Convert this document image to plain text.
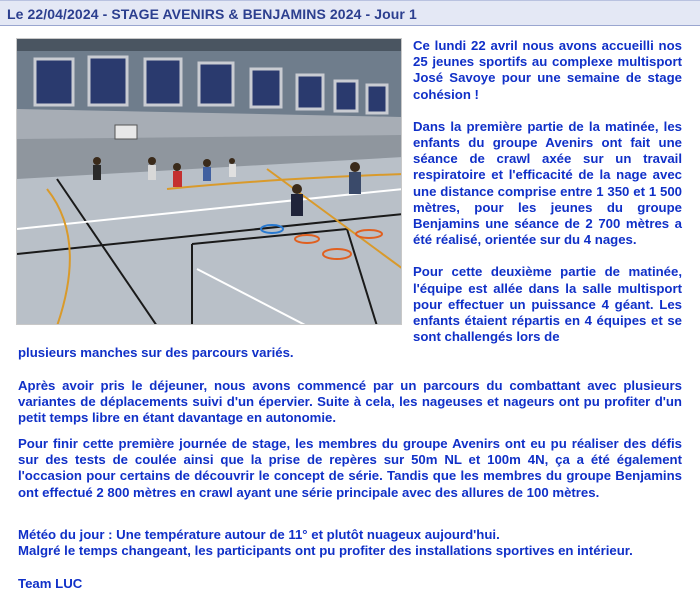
Le 22/04/2024 - STAGE AVENIRS & BENJAMINS 2024 - Jour 1

Ce lundi 22 avril nous avons accueilli nos 25 jeunes sportifs au complexe multisport José Savoye pour une semaine de stage cohésion !

Dans la première partie de la matinée, les enfants du groupe Avenirs ont fait une séance de crawl axée sur un travail respiratoire et l'efficacité de la nage avec une distance comprise entre 1 350 et 1 500 mètres, pour les jeunes du groupe Benjamins une séance de 2 700 mètres a été réalisé, orientée sur du 4 nages.

Pour cette deuxième partie de matinée, l'équipe est allée dans la salle multisport pour effectuer un puissance 4 géant. Les enfants étaient répartis en 4 équipes et se sont challengés lors de

plusieurs manches sur des parcours variés.
Après avoir pris le déjeuner, nous avons commencé par un parcours du combattant avec plusieurs variantes de déplacements suivi d'un épervier. Suite à cela, les nageuses et nageurs ont pu profiter d'un petit temps libre en étant davantage en autonomie.
Pour finir cette première journée de stage, les membres du groupe Avenirs ont eu pu réaliser des défis sur des tests de coulée ainsi que la prise de repères sur 50m NL et 100m 4N, ça a été également l'occasion pour certains de découvrir le concept de série. Tandis que les membres du groupe Benjamins ont effectué 2 800 mètres en crawl ayant une série principale avec des allures de 100 mètres.
Météo du jour : Une température autour de 11° et plutôt nuageux aujourd'hui.
Malgré le temps changeant, les participants ont pu profiter des installations sportives en intérieur.
Team LUC
